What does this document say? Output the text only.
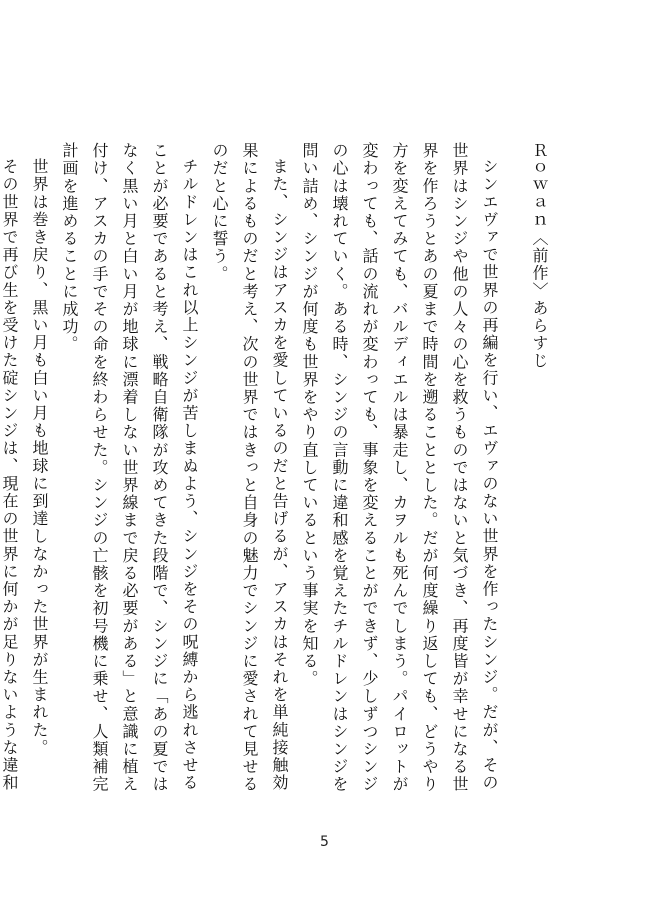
Ｒｏｗａｎ〈前作〉あらすじ

シンエヴァで世界の再編を行い、エヴァのない世界を作ったシンジ。だが、その世界はシンジや他の人々の心を救うものではないと気づき、再度皆が幸せになる世界を作ろうとあの夏まで時間を遡ることとした。だが何度繰り返しても、どうやり方を変えてみても、バルディエルは暴走し、カヲルも死んでしまう。パイロットが変わっても、話の流れが変わっても、事象を変えることができず、少しずつシンジの心は壊れていく。ある時、シンジの言動に違和感を覚えたチルドレンはシンジを問い詰め、シンジが何度も世界をやり直しているという事実を知る。

また、シンジはアスカを愛しているのだと告げるが、アスカはそれを単純接触効果によるものだと考え、次の世界ではきっと自身の魅力でシンジに愛されて見せるのだと心に誓う。

チルドレンはこれ以上シンジが苦しまぬよう、シンジをその呪縛から逃れさせることが必要であると考え、戦略自衛隊が攻めてきた段階で、シンジに「あの夏ではなく黒い月と白い月が地球に漂着しない世界線まで戻る必要がある」と意識に植え付け、アスカの手でその命を終わらせた。シンジの亡骸を初号機に乗せ、人類補完計画を進めることに成功。

世界は巻き戻り、黒い月も白い月も地球に到達しなかった世界が生まれた。

その世界で再び生を受けた碇シンジは、現在の世界に何かが足りないような違和

5
